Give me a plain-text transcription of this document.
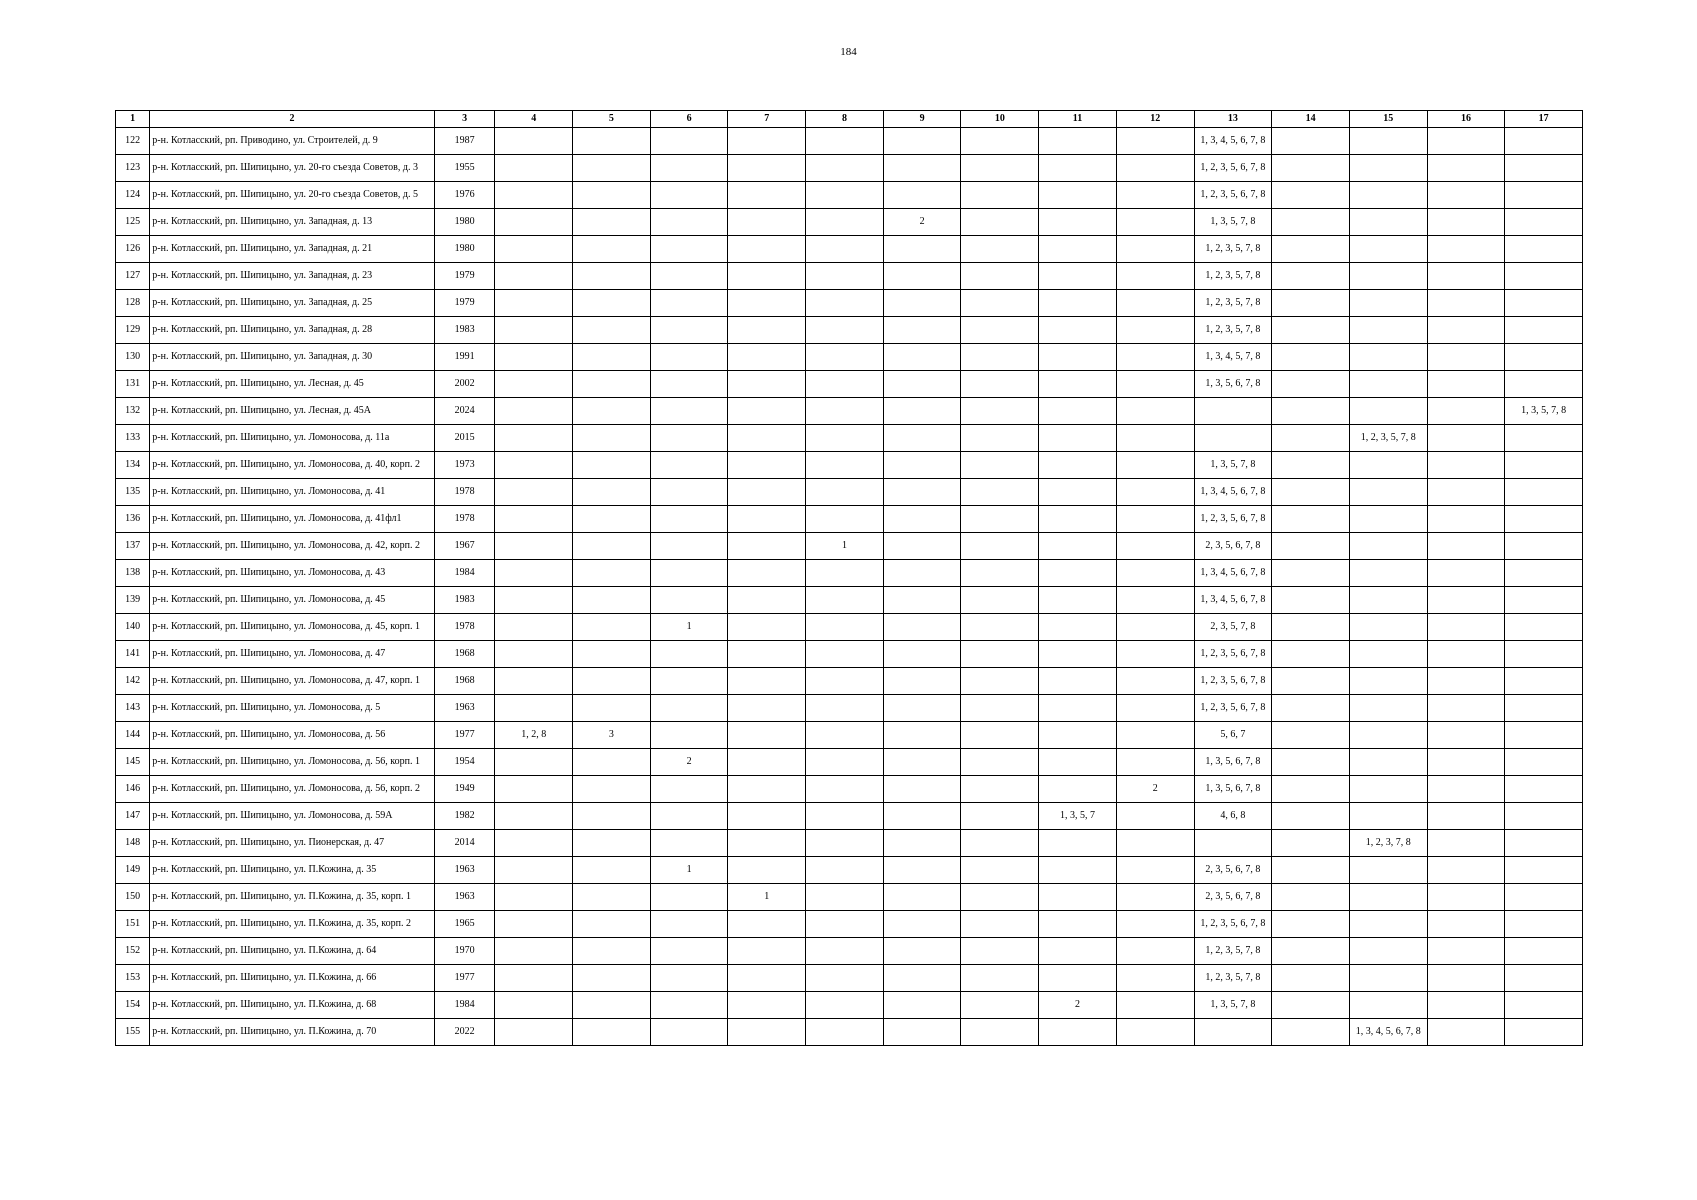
184
1	2	3	4	5	6	7	8	9	10	11	12	13	14	15	16	17
122	р-н. Котласский, рп. Приводино, ул. Строителей, д. 9	1987										1, 3, 4, 5, 6, 7, 8				
123	р-н. Котласский, рп. Шипицыно, ул. 20-го съезда Советов, д. 3	1955										1, 2, 3, 5, 6, 7, 8				
124	р-н. Котласский, рп. Шипицыно, ул. 20-го съезда Советов, д. 5	1976										1, 2, 3, 5, 6, 7, 8				
125	р-н. Котласский, рп. Шипицыно, ул. Западная, д. 13	1980						2				1, 3, 5, 7, 8				
126	р-н. Котласский, рп. Шипицыно, ул. Западная, д. 21	1980										1, 2, 3, 5, 7, 8				
127	р-н. Котласский, рп. Шипицыно, ул. Западная, д. 23	1979										1, 2, 3, 5, 7, 8				
128	р-н. Котласский, рп. Шипицыно, ул. Западная, д. 25	1979										1, 2, 3, 5, 7, 8				
129	р-н. Котласский, рп. Шипицыно, ул. Западная, д. 28	1983										1, 2, 3, 5, 7, 8				
130	р-н. Котласский, рп. Шипицыно, ул. Западная, д. 30	1991										1, 3, 4, 5, 7, 8				
131	р-н. Котласский, рп. Шипицыно, ул. Лесная, д. 45	2002										1, 3, 5, 6, 7, 8				
132	р-н. Котласский, рп. Шипицыно, ул. Лесная, д. 45А	2024														1, 3, 5, 7, 8
133	р-н. Котласский, рп. Шипицыно, ул. Ломоносова, д. 11а	2015												1, 2, 3, 5, 7, 8		
134	р-н. Котласский, рп. Шипицыно, ул. Ломоносова, д. 40, корп. 2	1973										1, 3, 5, 7, 8				
135	р-н. Котласский, рп. Шипицыно, ул. Ломоносова, д. 41	1978										1, 3, 4, 5, 6, 7, 8				
136	р-н. Котласский, рп. Шипицыно, ул. Ломоносова, д. 41фл1	1978										1, 2, 3, 5, 6, 7, 8				
137	р-н. Котласский, рп. Шипицыно, ул. Ломоносова, д. 42, корп. 2	1967					1					2, 3, 5, 6, 7, 8				
138	р-н. Котласский, рп. Шипицыно, ул. Ломоносова, д. 43	1984										1, 3, 4, 5, 6, 7, 8				
139	р-н. Котласский, рп. Шипицыно, ул. Ломоносова, д. 45	1983										1, 3, 4, 5, 6, 7, 8				
140	р-н. Котласский, рп. Шипицыно, ул. Ломоносова, д. 45, корп. 1	1978			1							2, 3, 5, 7, 8				
141	р-н. Котласский, рп. Шипицыно, ул. Ломоносова, д. 47	1968										1, 2, 3, 5, 6, 7, 8				
142	р-н. Котласский, рп. Шипицыно, ул. Ломоносова, д. 47, корп. 1	1968										1, 2, 3, 5, 6, 7, 8				
143	р-н. Котласский, рп. Шипицыно, ул. Ломоносова, д. 5	1963										1, 2, 3, 5, 6, 7, 8				
144	р-н. Котласский, рп. Шипицыно, ул. Ломоносова, д. 56	1977	1, 2, 8	3								5, 6, 7				
145	р-н. Котласский, рп. Шипицыно, ул. Ломоносова, д. 56, корп. 1	1954			2							1, 3, 5, 6, 7, 8				
146	р-н. Котласский, рп. Шипицыно, ул. Ломоносова, д. 56, корп. 2	1949									2	1, 3, 5, 6, 7, 8				
147	р-н. Котласский, рп. Шипицыно, ул. Ломоносова, д. 59А	1982								1, 3, 5, 7		4, 6, 8				
148	р-н. Котласский, рп. Шипицыно, ул. Пионерская, д. 47	2014												1, 2, 3, 7, 8		
149	р-н. Котласский, рп. Шипицыно, ул. П.Кожина, д. 35	1963			1							2, 3, 5, 6, 7, 8				
150	р-н. Котласский, рп. Шипицыно, ул. П.Кожина, д. 35, корп. 1	1963				1						2, 3, 5, 6, 7, 8				
151	р-н. Котласский, рп. Шипицыно, ул. П.Кожина, д. 35, корп. 2	1965										1, 2, 3, 5, 6, 7, 8				
152	р-н. Котласский, рп. Шипицыно, ул. П.Кожина, д. 64	1970										1, 2, 3, 5, 7, 8				
153	р-н. Котласский, рп. Шипицыно, ул. П.Кожина, д. 66	1977										1, 2, 3, 5, 7, 8				
154	р-н. Котласский, рп. Шипицыно, ул. П.Кожина, д. 68	1984								2		1, 3, 5, 7, 8				
155	р-н. Котласский, рп. Шипицыно, ул. П.Кожина, д. 70	2022												1, 3, 4, 5, 6, 7, 8		
